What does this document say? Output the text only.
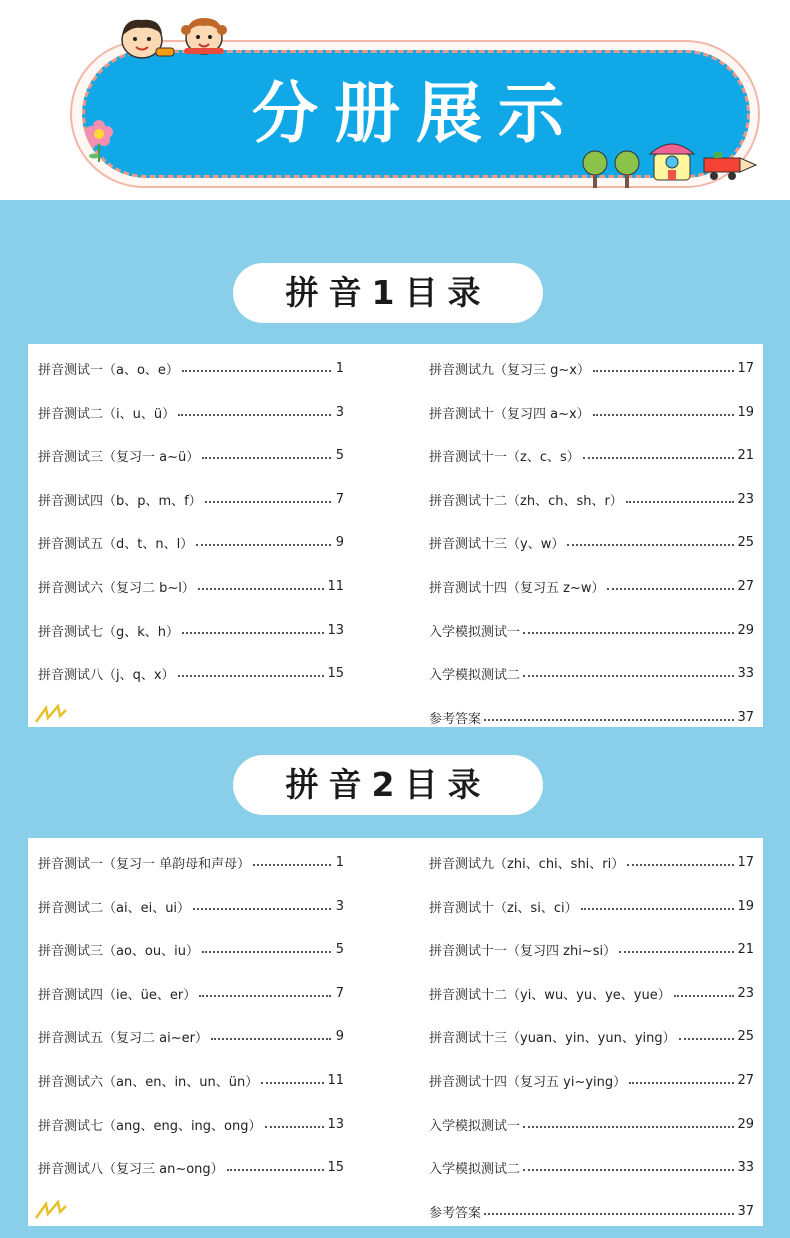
分册展示
拼音1目录
拼音测试一（a、o、e）	1
拼音测试二（i、u、ü）	3
拼音测试三（复习一 a~ü）	5
拼音测试四（b、p、m、f）	7
拼音测试五（d、t、n、l）	9
拼音测试六（复习二 b~l）	11
拼音测试七（g、k、h）	13
拼音测试八（j、q、x）	15
拼音测试九（复习三 g~x）	17
拼音测试十（复习四 a~x）	19
拼音测试十一（z、c、s）	21
拼音测试十二（zh、ch、sh、r）	23
拼音测试十三（y、w）	25
拼音测试十四（复习五 z~w）	27
入学模拟测试一	29
入学模拟测试二	33
参考答案	37
拼音2目录
拼音测试一（复习一 单韵母和声母）	1
拼音测试二（ai、ei、ui）	3
拼音测试三（ao、ou、iu）	5
拼音测试四（ie、üe、er）	7
拼音测试五（复习二 ai~er）	9
拼音测试六（an、en、in、un、ün）	11
拼音测试七（ang、eng、ing、ong）	13
拼音测试八（复习三 an~ong）	15
拼音测试九（zhi、chi、shi、ri）	17
拼音测试十（zi、si、ci）	19
拼音测试十一（复习四 zhi~si）	21
拼音测试十二（yi、wu、yu、ye、yue）	23
拼音测试十三（yuan、yin、yun、ying）	25
拼音测试十四（复习五 yi~ying）	27
入学模拟测试一	29
入学模拟测试二	33
参考答案	37
